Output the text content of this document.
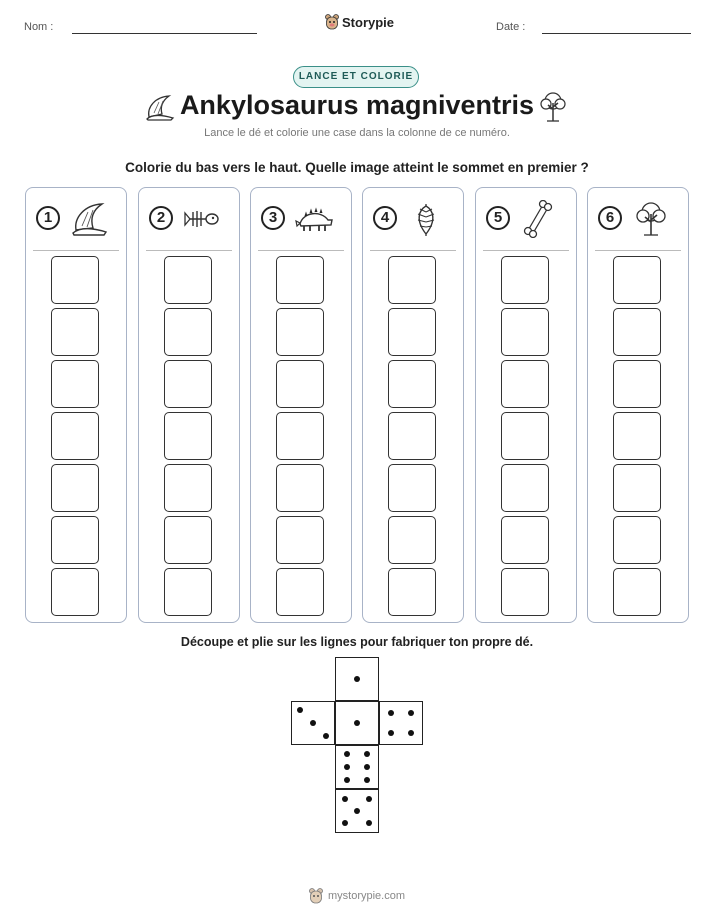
Nom :	Storypie	Date :
LANCE ET COLORIE
Ankylosaurus magniventris
Lance le dé et colorie une case dans la colonne de ce numéro.
Colorie du bas vers le haut. Quelle image atteint le sommet en premier ?
1	2	3	4	5	6
Découpe et plie sur les lignes pour fabriquer ton propre dé.
mystorypie.com
